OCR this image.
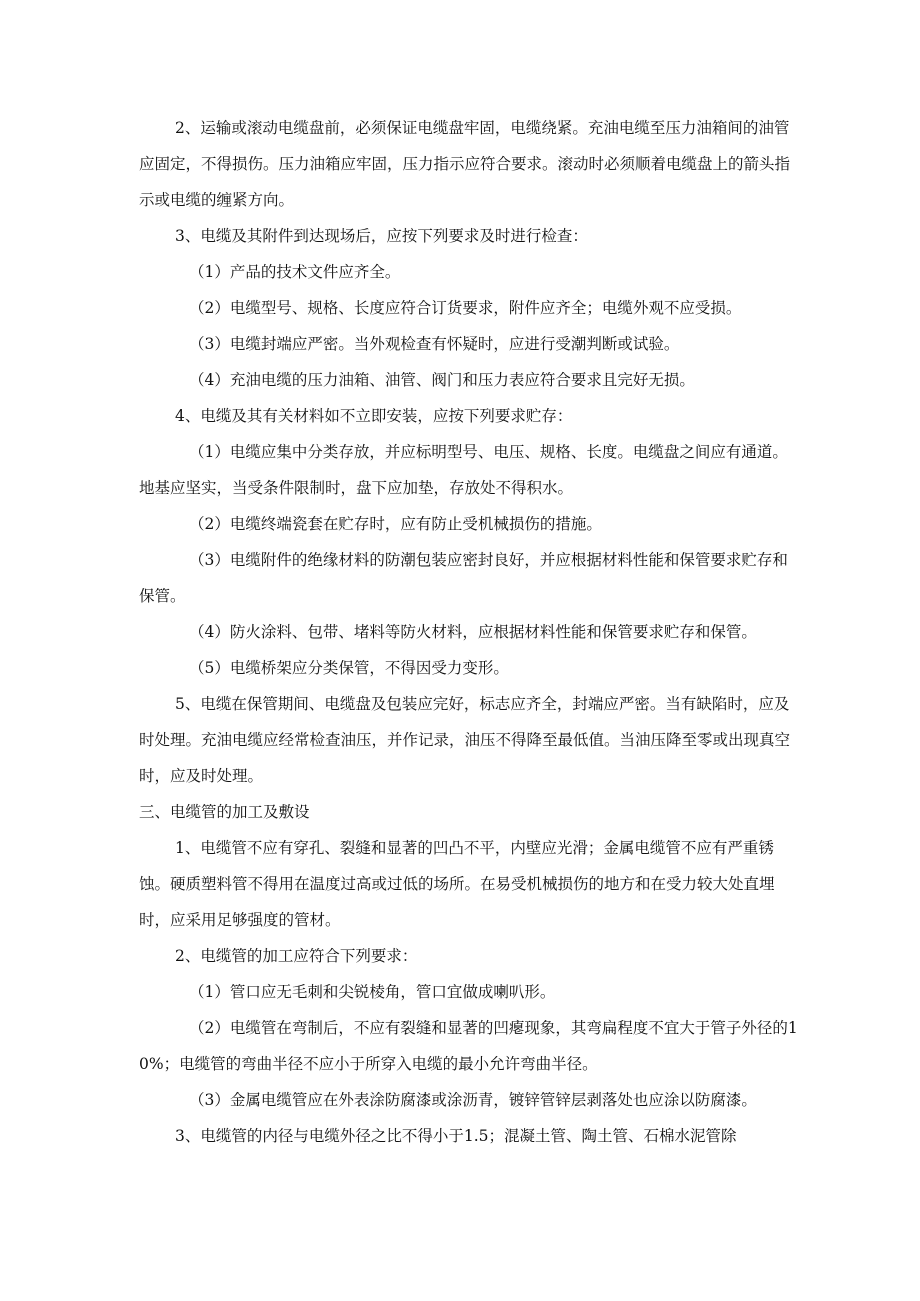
2、运输或滚动电缆盘前，必须保证电缆盘牢固，电缆绕紧。充油电缆至压力油箱间的油管应固定，不得损伤。压力油箱应牢固，压力指示应符合要求。滚动时必须顺着电缆盘上的箭头指示或电缆的缠紧方向。

3、电缆及其附件到达现场后，应按下列要求及时进行检查：

（1）产品的技术文件应齐全。

（2）电缆型号、规格、长度应符合订货要求，附件应齐全；电缆外观不应受损。

（3）电缆封端应严密。当外观检查有怀疑时，应进行受潮判断或试验。

（4）充油电缆的压力油箱、油管、阀门和压力表应符合要求且完好无损。

4、电缆及其有关材料如不立即安装，应按下列要求贮存：

（1）电缆应集中分类存放，并应标明型号、电压、规格、长度。电缆盘之间应有通道。地基应坚实，当受条件限制时，盘下应加垫，存放处不得积水。

（2）电缆终端瓷套在贮存时，应有防止受机械损伤的措施。

（3）电缆附件的绝缘材料的防潮包装应密封良好，并应根据材料性能和保管要求贮存和保管。

（4）防火涂料、包带、堵料等防火材料，应根据材料性能和保管要求贮存和保管。

（5）电缆桥架应分类保管，不得因受力变形。

5、电缆在保管期间、电缆盘及包装应完好，标志应齐全，封端应严密。当有缺陷时，应及时处理。充油电缆应经常检查油压，并作记录，油压不得降至最低值。当油压降至零或出现真空时，应及时处理。

三、电缆管的加工及敷设

1、电缆管不应有穿孔、裂缝和显著的凹凸不平，内壁应光滑；金属电缆管不应有严重锈蚀。硬质塑料管不得用在温度过高或过低的场所。在易受机械损伤的地方和在受力较大处直埋时，应采用足够强度的管材。

2、电缆管的加工应符合下列要求：

（1）管口应无毛刺和尖锐棱角，管口宜做成喇叭形。

（2）电缆管在弯制后，不应有裂缝和显著的凹瘪现象，其弯扁程度不宜大于管子外径的10%；电缆管的弯曲半径不应小于所穿入电缆的最小允许弯曲半径。

（3）金属电缆管应在外表涂防腐漆或涂沥青，镀锌管锌层剥落处也应涂以防腐漆。

3、电缆管的内径与电缆外径之比不得小于1.5；混凝土管、陶土管、石棉水泥管除
